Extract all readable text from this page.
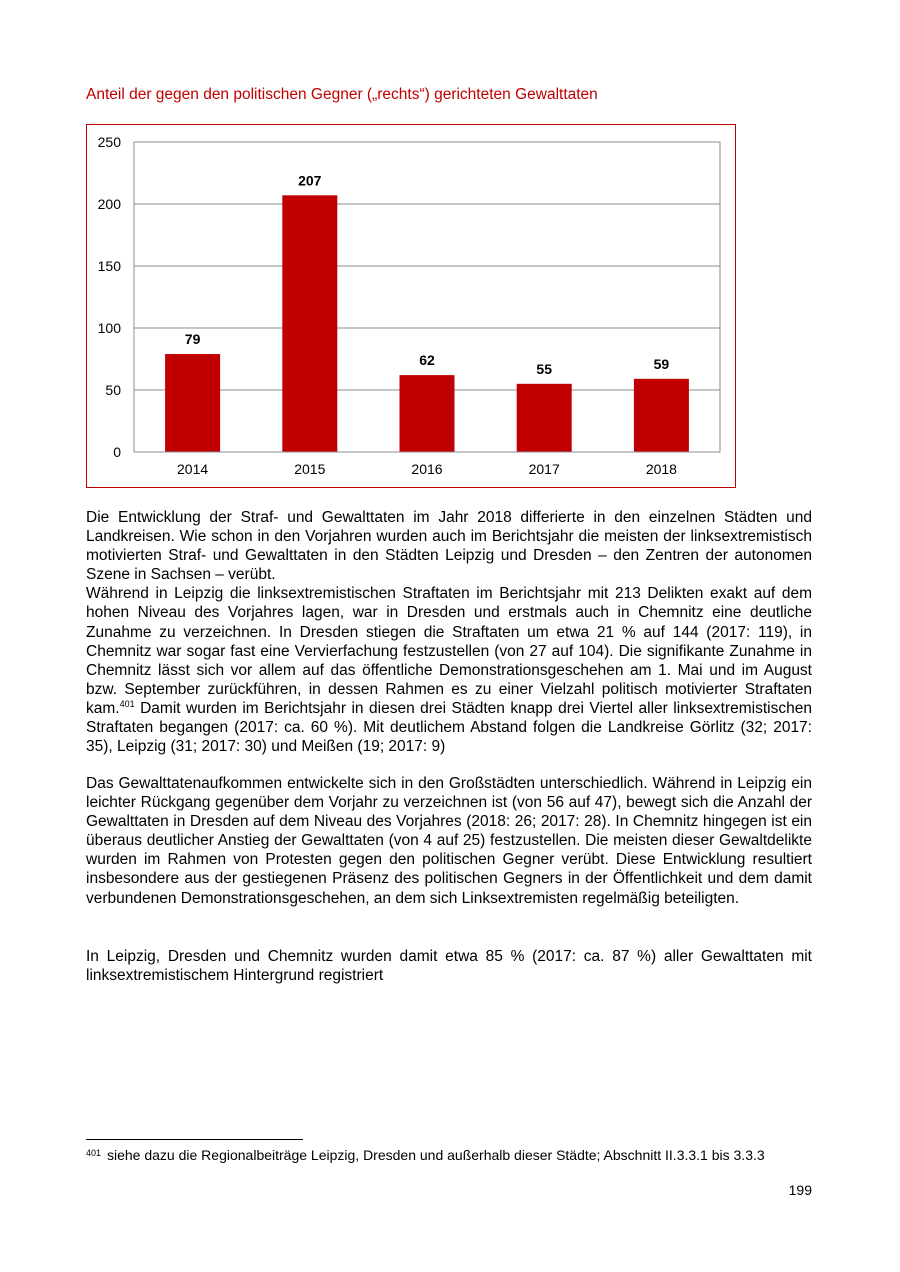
Anteil der gegen den politischen Gegner („rechts“) gerichteten Gewalttaten
0
50
100
150
200
250
79
2014
207
2015
62
2016
55
2017
59
2018

Die Entwicklung der Straf- und Gewalttaten im Jahr 2018 differierte in den einzelnen Städten und Landkreisen. Wie schon in den Vorjahren wurden auch im Berichtsjahr die meisten der linksextremistisch motivierten Straf- und Gewalttaten in den Städten Leipzig und Dresden – den Zentren der autonomen Szene in Sachsen – verübt.

Während in Leipzig die linksextremistischen Straftaten im Berichtsjahr mit 213 Delikten exakt auf dem hohen Niveau des Vorjahres lagen, war in Dresden und erstmals auch in Chemnitz eine deutliche Zunahme zu verzeichnen. In Dresden stiegen die Straftaten um etwa 21 % auf 144 (2017: 119), in Chemnitz war sogar fast eine Vervierfachung festzustellen (von 27 auf 104). Die signifikante Zunahme in Chemnitz lässt sich vor allem auf das öffentliche Demonstrationsgeschehen am 1. Mai und im August bzw. September zurückführen, in dessen Rahmen es zu einer Vielzahl politisch motivierter Straftaten kam.$^{401}$ Damit wurden im Berichtsjahr in diesen drei Städten knapp drei Viertel aller linksextremistischen Straftaten begangen (2017: ca. 60 %). Mit deutlichem Abstand folgen die Landkreise Görlitz (32; 2017: 35), Leipzig (31; 2017: 30) und Meißen (19; 2017: 9)

Das Gewalttatenaufkommen entwickelte sich in den Großstädten unterschiedlich. Während in Leipzig ein leichter Rückgang gegenüber dem Vorjahr zu verzeichnen ist (von 56 auf 47), bewegt sich die Anzahl der Gewalttaten in Dresden auf dem Niveau des Vorjahres (2018: 26; 2017: 28). In Chemnitz hingegen ist ein überaus deutlicher Anstieg der Gewalttaten (von 4 auf 25) festzustellen. Die meisten dieser Gewaltdelikte wurden im Rahmen von Protesten gegen den politischen Gegner verübt. Diese Entwicklung resultiert insbesondere aus der gestiegenen Präsenz des politischen Gegners in der Öffentlichkeit und dem damit verbundenen Demonstrationsgeschehen, an dem sich Linksextremisten regelmäßig beteiligten.

In Leipzig, Dresden und Chemnitz wurden damit etwa 85 % (2017: ca. 87 %) aller Gewalttaten mit linksextremistischem Hintergrund registriert

401 siehe dazu die Regionalbeiträge Leipzig, Dresden und außerhalb dieser Städte; Abschnitt II.3.3.1 bis 3.3.3
199
